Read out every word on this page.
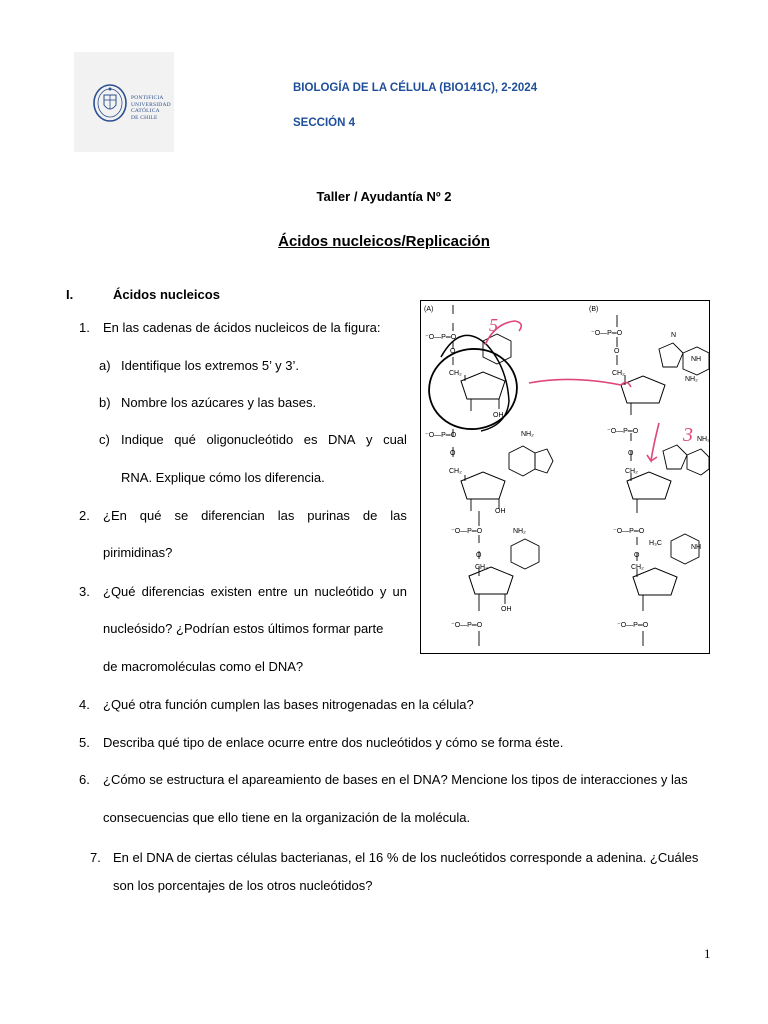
PONTIFICIA
UNIVERSIDAD
CATÓLICA
DE CHILE
BIOLOGÍA DE LA CÉLULA (BIO141C), 2-2024
SECCIÓN 4
Taller / Ayudantía Nº 2
Ácidos nucleicos/Replicación
I.	Ácidos nucleicos
1. En las cadenas de ácidos nucleicos de la figura:
a) Identifique los extremos 5’ y 3’.
b) Nombre los azúcares y las bases.
c) Indique qué oligonucleótido es DNA y cual
RNA. Explique cómo los diferencia.
2. ¿En qué se diferencian las purinas de las
pirimidinas?
3. ¿Qué diferencias existen entre un nucleótido y un
nucleósido? ¿Podrían estos últimos formar parte
de macromoléculas como el DNA?
4. ¿Qué otra función cumplen las bases nitrogenadas en la célula?
5. Describa qué tipo de enlace ocurre entre dos nucleótidos y cómo se forma éste.
6. ¿Cómo se estructura el apareamiento de bases en el DNA? Mencione los tipos de interacciones y las
consecuencias que ello tiene en la organización de la molécula.
7. En el DNA de ciertas células bacterianas, el 16 % de los nucleótidos corresponde a adenina. ¿Cuáles
son los porcentajes de los otros nucleótidos?
(A)	(B)
⁻O—P═O
O
CH₂
OH
⁻O—P═O
O
CH₂
OH
NH₂
⁻O—P═O
O
CH₂
NH₂
OH
⁻O—P═O
⁻O—P═O
O
CH₂
NH
N
NH₂
⁻O—P═O
O
CH₂
NH₂
⁻O—P═O
O
CH₂
H₃C
NH
⁻O—P═O
5
3
1
